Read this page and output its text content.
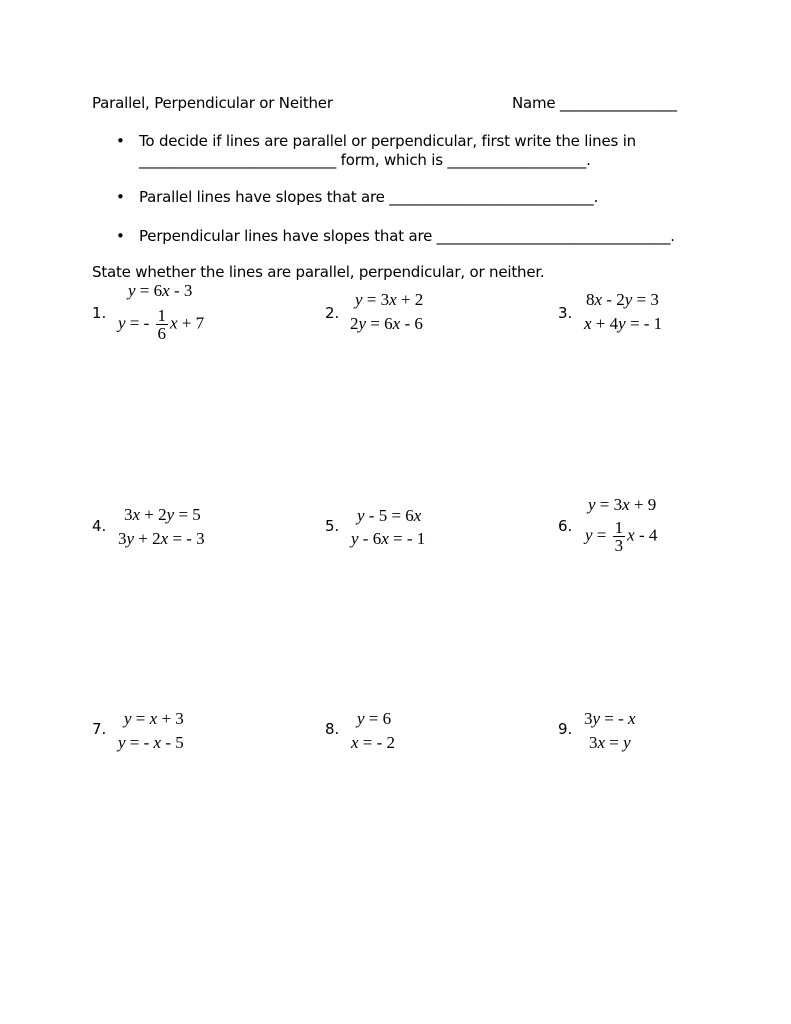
Parallel, Perpendicular or Neither	Name ________________
• To decide if lines are parallel or perpendicular, first write the lines in
___________________________ form, which is ___________________.
• Parallel lines have slopes that are ____________________________.
• Perpendicular lines have slopes that are ________________________________.
State whether the lines are parallel, perpendicular, or neither.
1.
y = 6x - 3
y = - $\frac{1}{6}$ x + 7
2.
y = 3x + 2
2y = 6x - 6
3.
8x - 2y = 3
x + 4y = - 1
4.
3x + 2y = 5
3y + 2x = - 3
5.
y - 5 = 6x
y - 6x = - 1
6.
y = 3x + 9
$y = \frac{1}{3}$ x - 4
7.
y = x + 3
y = - x - 5
8.
y = 6
x = - 2
9.
3y = - x
3x = y
